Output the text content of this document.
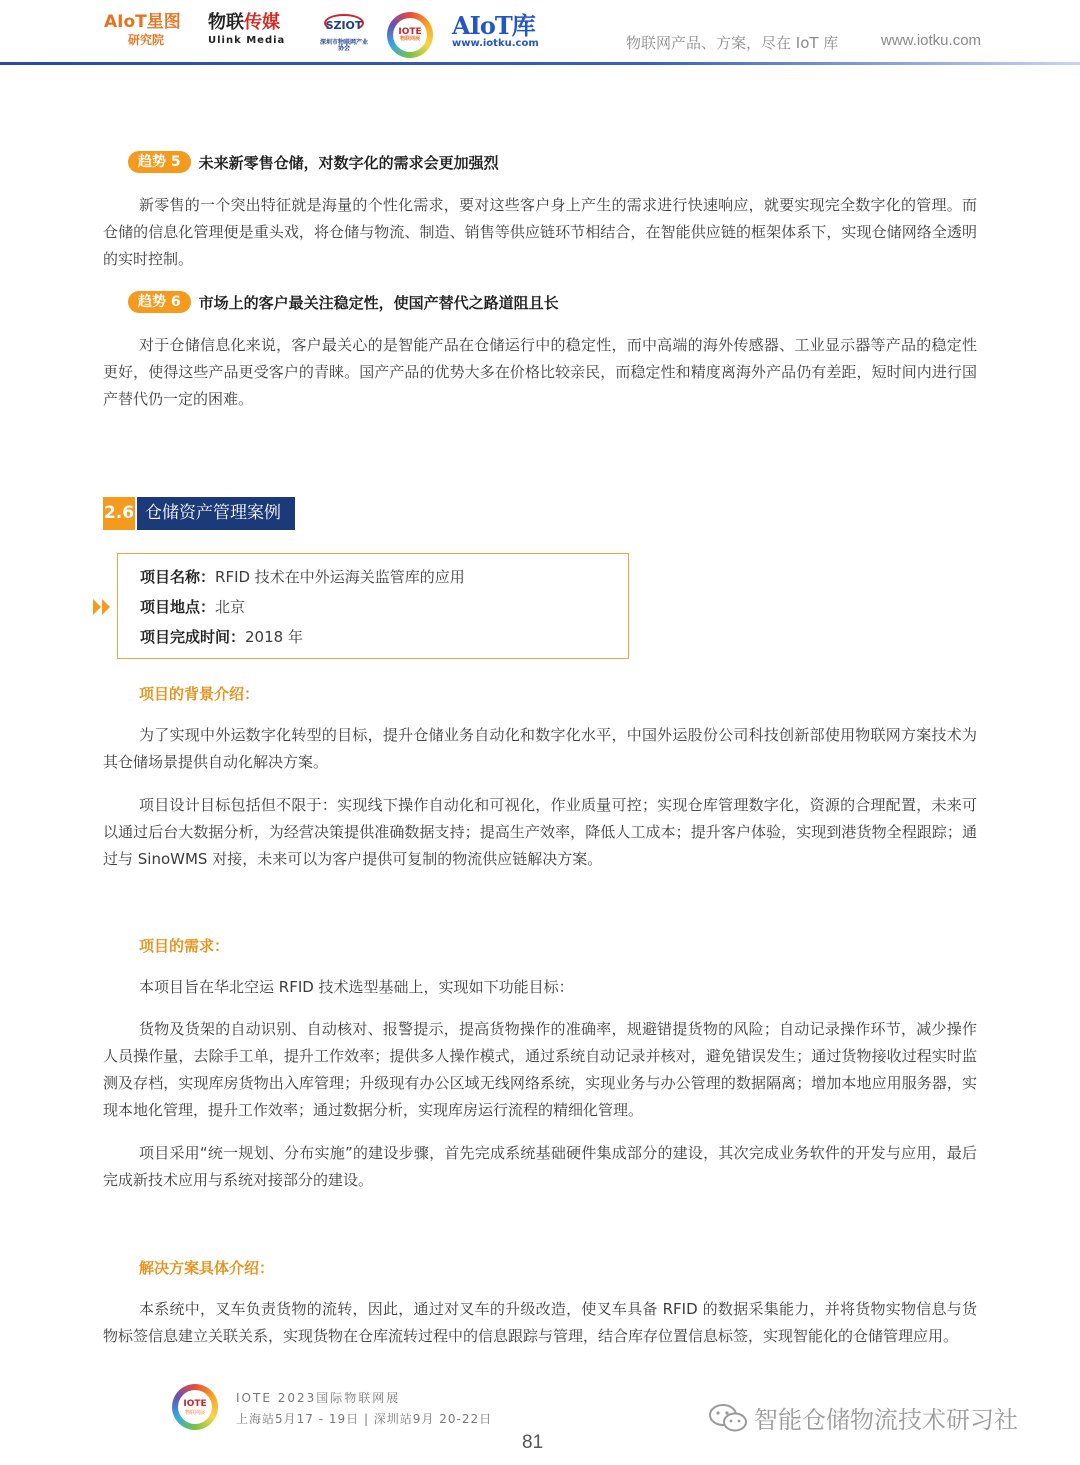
AIoT星图
研究院
物联传媒
Ulink Media
SZIOT
深圳市物联网产业协会
IOTE
物联网展 AIoT库
www.iotku.com	物联网产品、方案，尽在 IoT 库	www.iotku.com
趋势 5	未来新零售仓储，对数字化的需求会更加强烈
新零售的一个突出特征就是海量的个性化需求，要对这些客户身上产生的需求进行快速响应，就要实现完全数字化的管理。而仓储的信息化管理便是重头戏，将仓储与物流、制造、销售等供应链环节相结合，在智能供应链的框架体系下，实现仓储网络全透明的实时控制。
趋势 6	市场上的客户最关注稳定性，使国产替代之路道阻且长
对于仓储信息化来说，客户最关心的是智能产品在仓储运行中的稳定性，而中高端的海外传感器、工业显示器等产品的稳定性更好，使得这些产品更受客户的青睐。国产产品的优势大多在价格比较亲民，而稳定性和精度离海外产品仍有差距，短时间内进行国产替代仍一定的困难。
2.6 仓储资产管理案例
项目名称：RFID 技术在中外运海关监管库的应用
项目地点：北京
项目完成时间：2018 年
项目的背景介绍：
为了实现中外运数字化转型的目标，提升仓储业务自动化和数字化水平，中国外运股份公司科技创新部使用物联网方案技术为其仓储场景提供自动化解决方案。
项目设计目标包括但不限于：实现线下操作自动化和可视化，作业质量可控；实现仓库管理数字化，资源的合理配置，未来可以通过后台大数据分析，为经营决策提供准确数据支持；提高生产效率，降低人工成本；提升客户体验，实现到港货物全程跟踪；通过与 SinoWMS 对接，未来可以为客户提供可复制的物流供应链解决方案。
项目的需求：
本项目旨在华北空运 RFID 技术选型基础上，实现如下功能目标：
货物及货架的自动识别、自动核对、报警提示，提高货物操作的准确率，规避错提货物的风险；自动记录操作环节，减少操作人员操作量，去除手工单，提升工作效率；提供多人操作模式，通过系统自动记录并核对，避免错误发生；通过货物接收过程实时监测及存档，实现库房货物出入库管理；升级现有办公区域无线网络系统，实现业务与办公管理的数据隔离；增加本地应用服务器，实现本地化管理，提升工作效率；通过数据分析，实现库房运行流程的精细化管理。
项目采用“统一规划、分布实施”的建设步骤，首先完成系统基础硬件集成部分的建设，其次完成业务软件的开发与应用，最后完成新技术应用与系统对接部分的建设。
解决方案具体介绍：
本系统中，叉车负责货物的流转，因此，通过对叉车的升级改造，使叉车具备 RFID 的数据采集能力，并将货物实物信息与货物标签信息建立关联关系，实现货物在仓库流转过程中的信息跟踪与管理，结合库存位置信息标签，实现智能化的仓储管理应用。
IOTE
物联网展
IOTE 2023国际物联网展
上海站5月17 - 19日 | 深圳站9月 20-22日	智能仓储物流技术研习社
81
